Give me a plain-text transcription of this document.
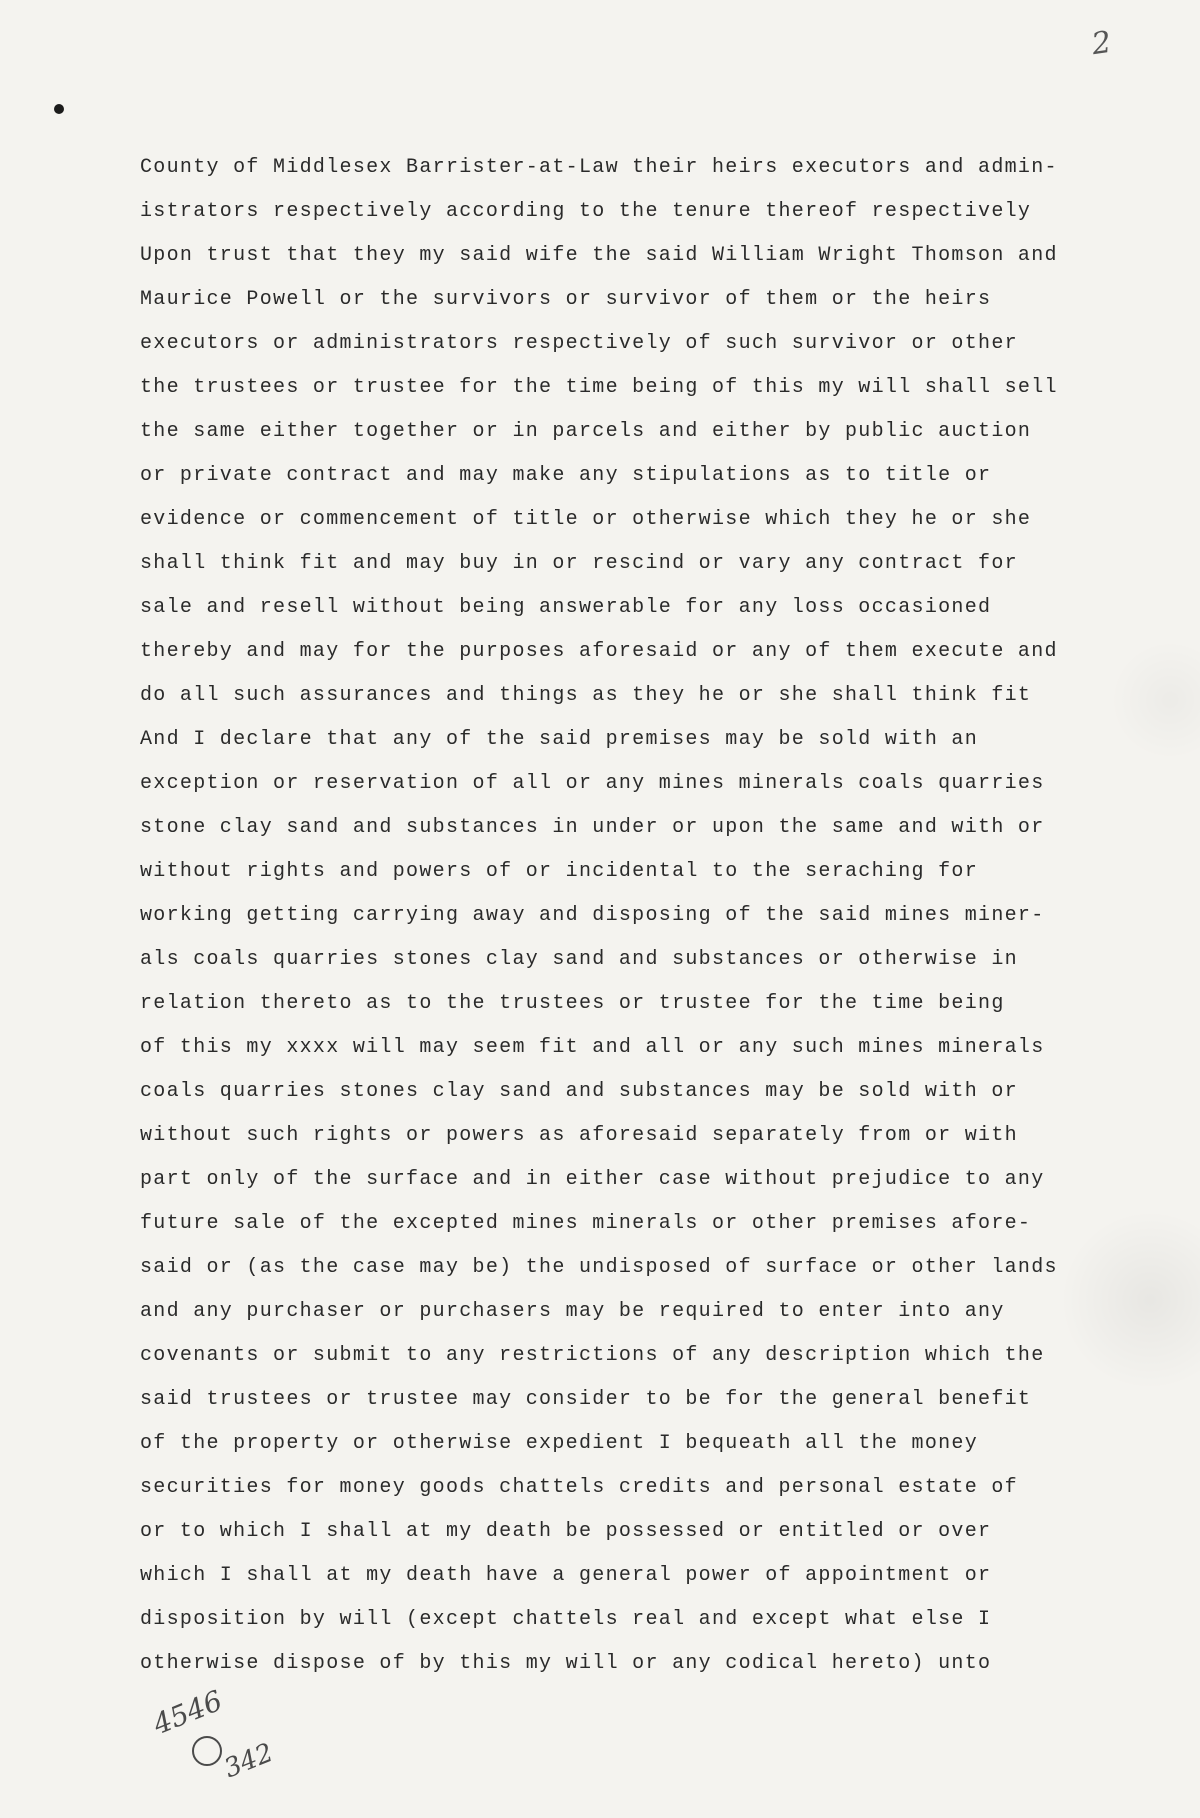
2
County of Middlesex Barrister-at-Law their heirs executors and admin-
istrators respectively according to the tenure thereof respectively
Upon trust that they my said wife the said William Wright Thomson and
Maurice Powell or the survivors or survivor of them or the heirs
executors or administrators respectively of such survivor or other
the trustees or trustee for the time being of this my will shall sell
the same either together or in parcels and either by public auction
or private contract and may make any stipulations as to title or
evidence or commencement of title or otherwise which they he or she
shall think fit and may buy in or rescind or vary any contract for
sale and resell without being answerable for any loss occasioned
thereby and may for the purposes aforesaid or any of them execute and
do all such assurances and things as they he or she shall think fit
And I declare that any of the said premises may be sold with an
exception or reservation of all or any mines minerals coals quarries
stone clay sand and substances in under or upon the same and with or
without rights and powers of or incidental to the seraching for
working getting carrying away and disposing of the said mines miner-
als coals quarries stones clay sand and substances or otherwise in
relation thereto as to the trustees or trustee for the time being
of this my xxxx will may seem fit and all or any such mines minerals
coals quarries stones clay sand and substances may be sold with or
without such rights or powers as aforesaid separately from or with
part only of the surface and in either case without prejudice to any
future sale of the excepted mines minerals or other premises afore-
said or (as the case may be) the undisposed of surface or other lands
and any purchaser or purchasers may be required to enter into any
covenants or submit to any restrictions of any description which the
said trustees or trustee may consider to be for the general benefit
of the property or otherwise expedient I bequeath all the money
securities for money goods chattels credits and personal estate of
or to which I shall at my death be possessed or entitled or over
which I shall at my death have a general power of appointment or
disposition by will (except chattels real and except what else I
otherwise dispose of by this my will or any codical hereto) unto
4546
342
